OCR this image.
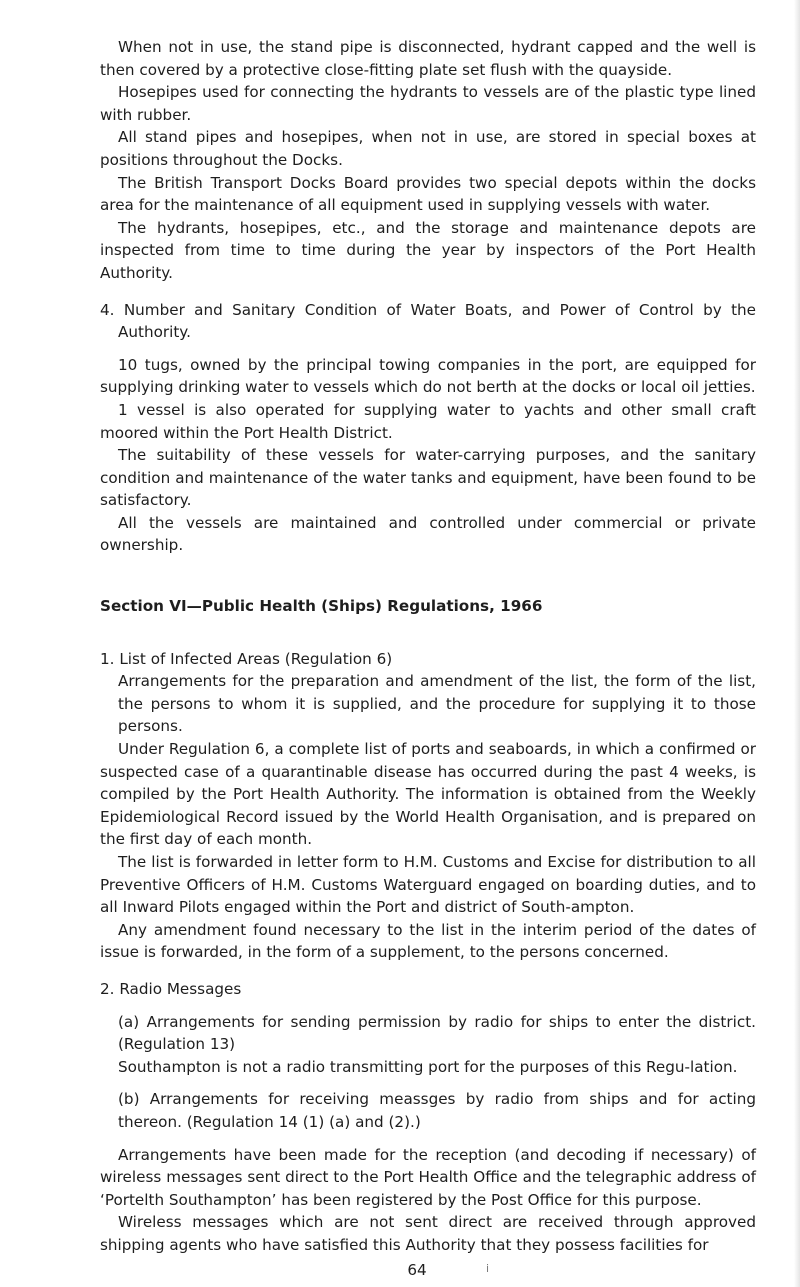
When not in use, the stand pipe is disconnected, hydrant capped and the well is then covered by a protective close-fitting plate set flush with the quayside.

Hosepipes used for connecting the hydrants to vessels are of the plastic type lined with rubber.

All stand pipes and hosepipes, when not in use, are stored in special boxes at positions throughout the Docks.

The British Transport Docks Board provides two special depots within the docks area for the maintenance of all equipment used in supplying vessels with water.

The hydrants, hosepipes, etc., and the storage and maintenance depots are inspected from time to time during the year by inspectors of the Port Health Authority.

4. Number and Sanitary Condition of Water Boats, and Power of Control by the Authority.

10 tugs, owned by the principal towing companies in the port, are equipped for supplying drinking water to vessels which do not berth at the docks or local oil jetties.

1 vessel is also operated for supplying water to yachts and other small craft moored within the Port Health District.

The suitability of these vessels for water-carrying purposes, and the sanitary condition and maintenance of the water tanks and equipment, have been found to be satisfactory.

All the vessels are maintained and controlled under commercial or private ownership.

Section VI—Public Health (Ships) Regulations, 1966

1. List of Infected Areas (Regulation 6)

Arrangements for the preparation and amendment of the list, the form of the list, the persons to whom it is supplied, and the procedure for supplying it to those persons.

Under Regulation 6, a complete list of ports and seaboards, in which a confirmed or suspected case of a quarantinable disease has occurred during the past 4 weeks, is compiled by the Port Health Authority. The information is obtained from the Weekly Epidemiological Record issued by the World Health Organisation, and is prepared on the first day of each month.

The list is forwarded in letter form to H.M. Customs and Excise for distribution to all Preventive Officers of H.M. Customs Waterguard engaged on boarding duties, and to all Inward Pilots engaged within the Port and district of South-ampton.

Any amendment found necessary to the list in the interim period of the dates of issue is forwarded, in the form of a supplement, to the persons concerned.

2. Radio Messages

(a) Arrangements for sending permission by radio for ships to enter the district. (Regulation 13)

Southampton is not a radio transmitting port for the purposes of this Regu-lation.

(b) Arrangements for receiving meassges by radio from ships and for acting thereon. (Regulation 14 (1) (a) and (2).)

Arrangements have been made for the reception (and decoding if necessary) of wireless messages sent direct to the Port Health Office and the telegraphic address of ‘Portelth Southampton’ has been registered by the Post Office for this purpose.

Wireless messages which are not sent direct are received through approved shipping agents who have satisfied this Authority that they possess facilities for

64	i
